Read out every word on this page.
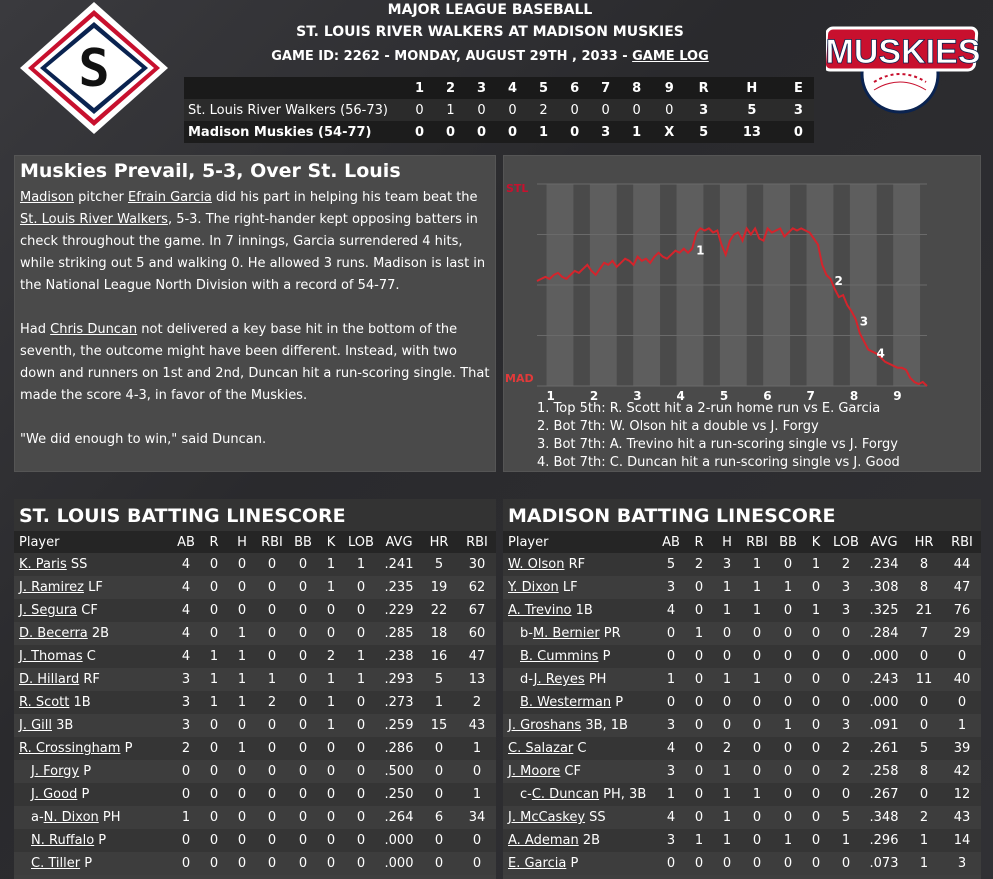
S	MUSKIES
MAJOR LEAGUE BASEBALL
ST. LOUIS RIVER WALKERS AT MADISON MUSKIES
GAME ID: 2262 - MONDAY, AUGUST 29TH , 2033 - GAME LOG
	1	2	3	4	5	6	7	8	9	R	H	E
St. Louis River Walkers (56-73)	0	1	0	0	2	0	0	0	0	3	5	3
Madison Muskies (54-77)	0	0	0	0	1	0	3	1	X	5	13	0
Muskies Prevail, 5-3, Over St. Louis

Madison pitcher Efrain Garcia did his part in helping his team beat the St. Louis River Walkers, 5-3. The right-hander kept opposing batters in check throughout the game. In 7 innings, Garcia surrendered 4 hits, while striking out 5 and walking 0. He allowed 3 runs. Madison is last in the National League North Division with a record of 54-77.

Had Chris Duncan not delivered a key base hit in the bottom of the seventh, the outcome might have been different. Instead, with two down and runners on 1st and 2nd, Duncan hit a run-scoring single. That made the score 4-3, in favor of the Muskies.

"We did enough to win," said Duncan.

1
2
3
4
STL
MAD
1	2	3	4	5	6	7	8	9
1. Top 5th: R. Scott hit a 2-run home run vs E. Garcia
2. Bot 7th: W. Olson hit a double vs J. Forgy
3. Bot 7th: A. Trevino hit a run-scoring single vs J. Forgy
4. Bot 7th: C. Duncan hit a run-scoring single vs J. Good
ST. LOUIS BATTING LINESCORE
Player	AB	R	H	RBI	BB	K	LOB	AVG	HR	RBI
K. Paris SS	4	0	0	0	0	1	1	.241	5	30
J. Ramirez LF	4	0	0	0	0	1	0	.235	19	62
J. Segura CF	4	0	0	0	0	0	0	.229	22	67
D. Becerra 2B	4	0	1	0	0	0	0	.285	18	60
J. Thomas C	4	1	1	0	0	2	1	.238	16	47
D. Hillard RF	3	1	1	1	0	1	1	.293	5	13
R. Scott 1B	3	1	1	2	0	1	0	.273	1	2
J. Gill 3B	3	0	0	0	0	1	0	.259	15	43
R. Crossingham P	2	0	1	0	0	0	0	.286	0	1
J. Forgy P	0	0	0	0	0	0	0	.500	0	0
J. Good P	0	0	0	0	0	0	0	.250	0	1
a-N. Dixon PH	1	0	0	0	0	0	0	.264	6	34
N. Ruffalo P	0	0	0	0	0	0	0	.000	0	0
C. Tiller P	0	0	0	0	0	0	0	.000	0	0
MADISON BATTING LINESCORE
Player	AB	R	H	RBI	BB	K	LOB	AVG	HR	RBI
W. Olson RF	5	2	3	1	0	1	2	.234	8	44
Y. Dixon LF	3	0	1	1	1	0	3	.308	8	47
A. Trevino 1B	4	0	1	1	0	1	3	.325	21	76
b-M. Bernier PR	0	1	0	0	0	0	0	.284	7	29
B. Cummins P	0	0	0	0	0	0	0	.000	0	0
d-J. Reyes PH	1	0	1	1	0	0	0	.243	11	40
B. Westerman P	0	0	0	0	0	0	0	.000	0	0
J. Groshans 3B, 1B	3	0	0	0	1	0	3	.091	0	1
C. Salazar C	4	0	2	0	0	0	2	.261	5	39
J. Moore CF	3	0	1	0	0	0	2	.258	8	42
c-C. Duncan PH, 3B	1	0	1	1	0	0	0	.267	0	12
J. McCaskey SS	4	0	1	0	0	0	5	.348	2	43
A. Ademan 2B	3	1	1	0	1	0	1	.296	1	14
E. Garcia P	0	0	0	0	0	0	0	.073	1	3
